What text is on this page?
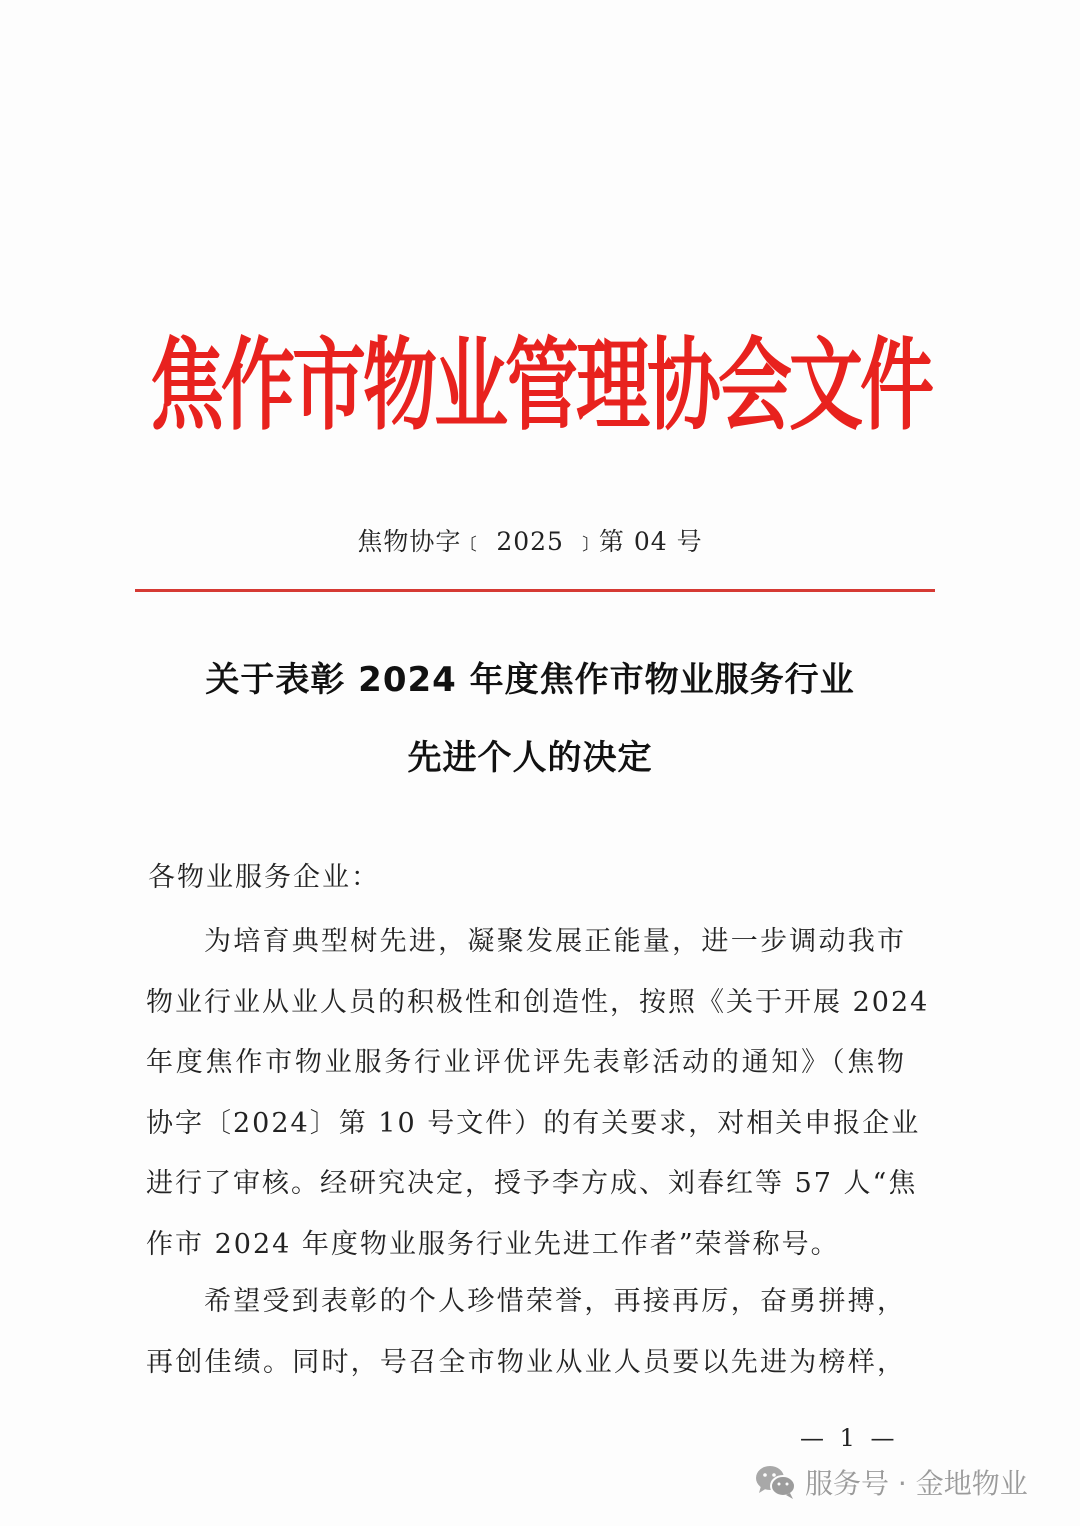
焦
作
市
物
业
管
理
协
会
文
件
焦物协字﹝ 2025 ﹞第 04 号
关于表彰 2024 年度焦作市物业服务行业
先进个人的决定
各物业服务企业：
为培育典型树先进，凝聚发展正能量，进一步调动我市
物业行业从业人员的积极性和创造性，按照《关于开展 2024
年度焦作市物业服务行业评优评先表彰活动的通知》（焦物
协字〔2024〕第 10 号文件）的有关要求，对相关申报企业
进行了审核。经研究决定，授予李方成、刘春红等 57 人“焦
作市 2024 年度物业服务行业先进工作者”荣誉称号。
希望受到表彰的个人珍惜荣誉，再接再厉，奋勇拼搏，
再创佳绩。同时，号召全市物业从业人员要以先进为榜样，
— 1 —
服务号 · 金地物业
